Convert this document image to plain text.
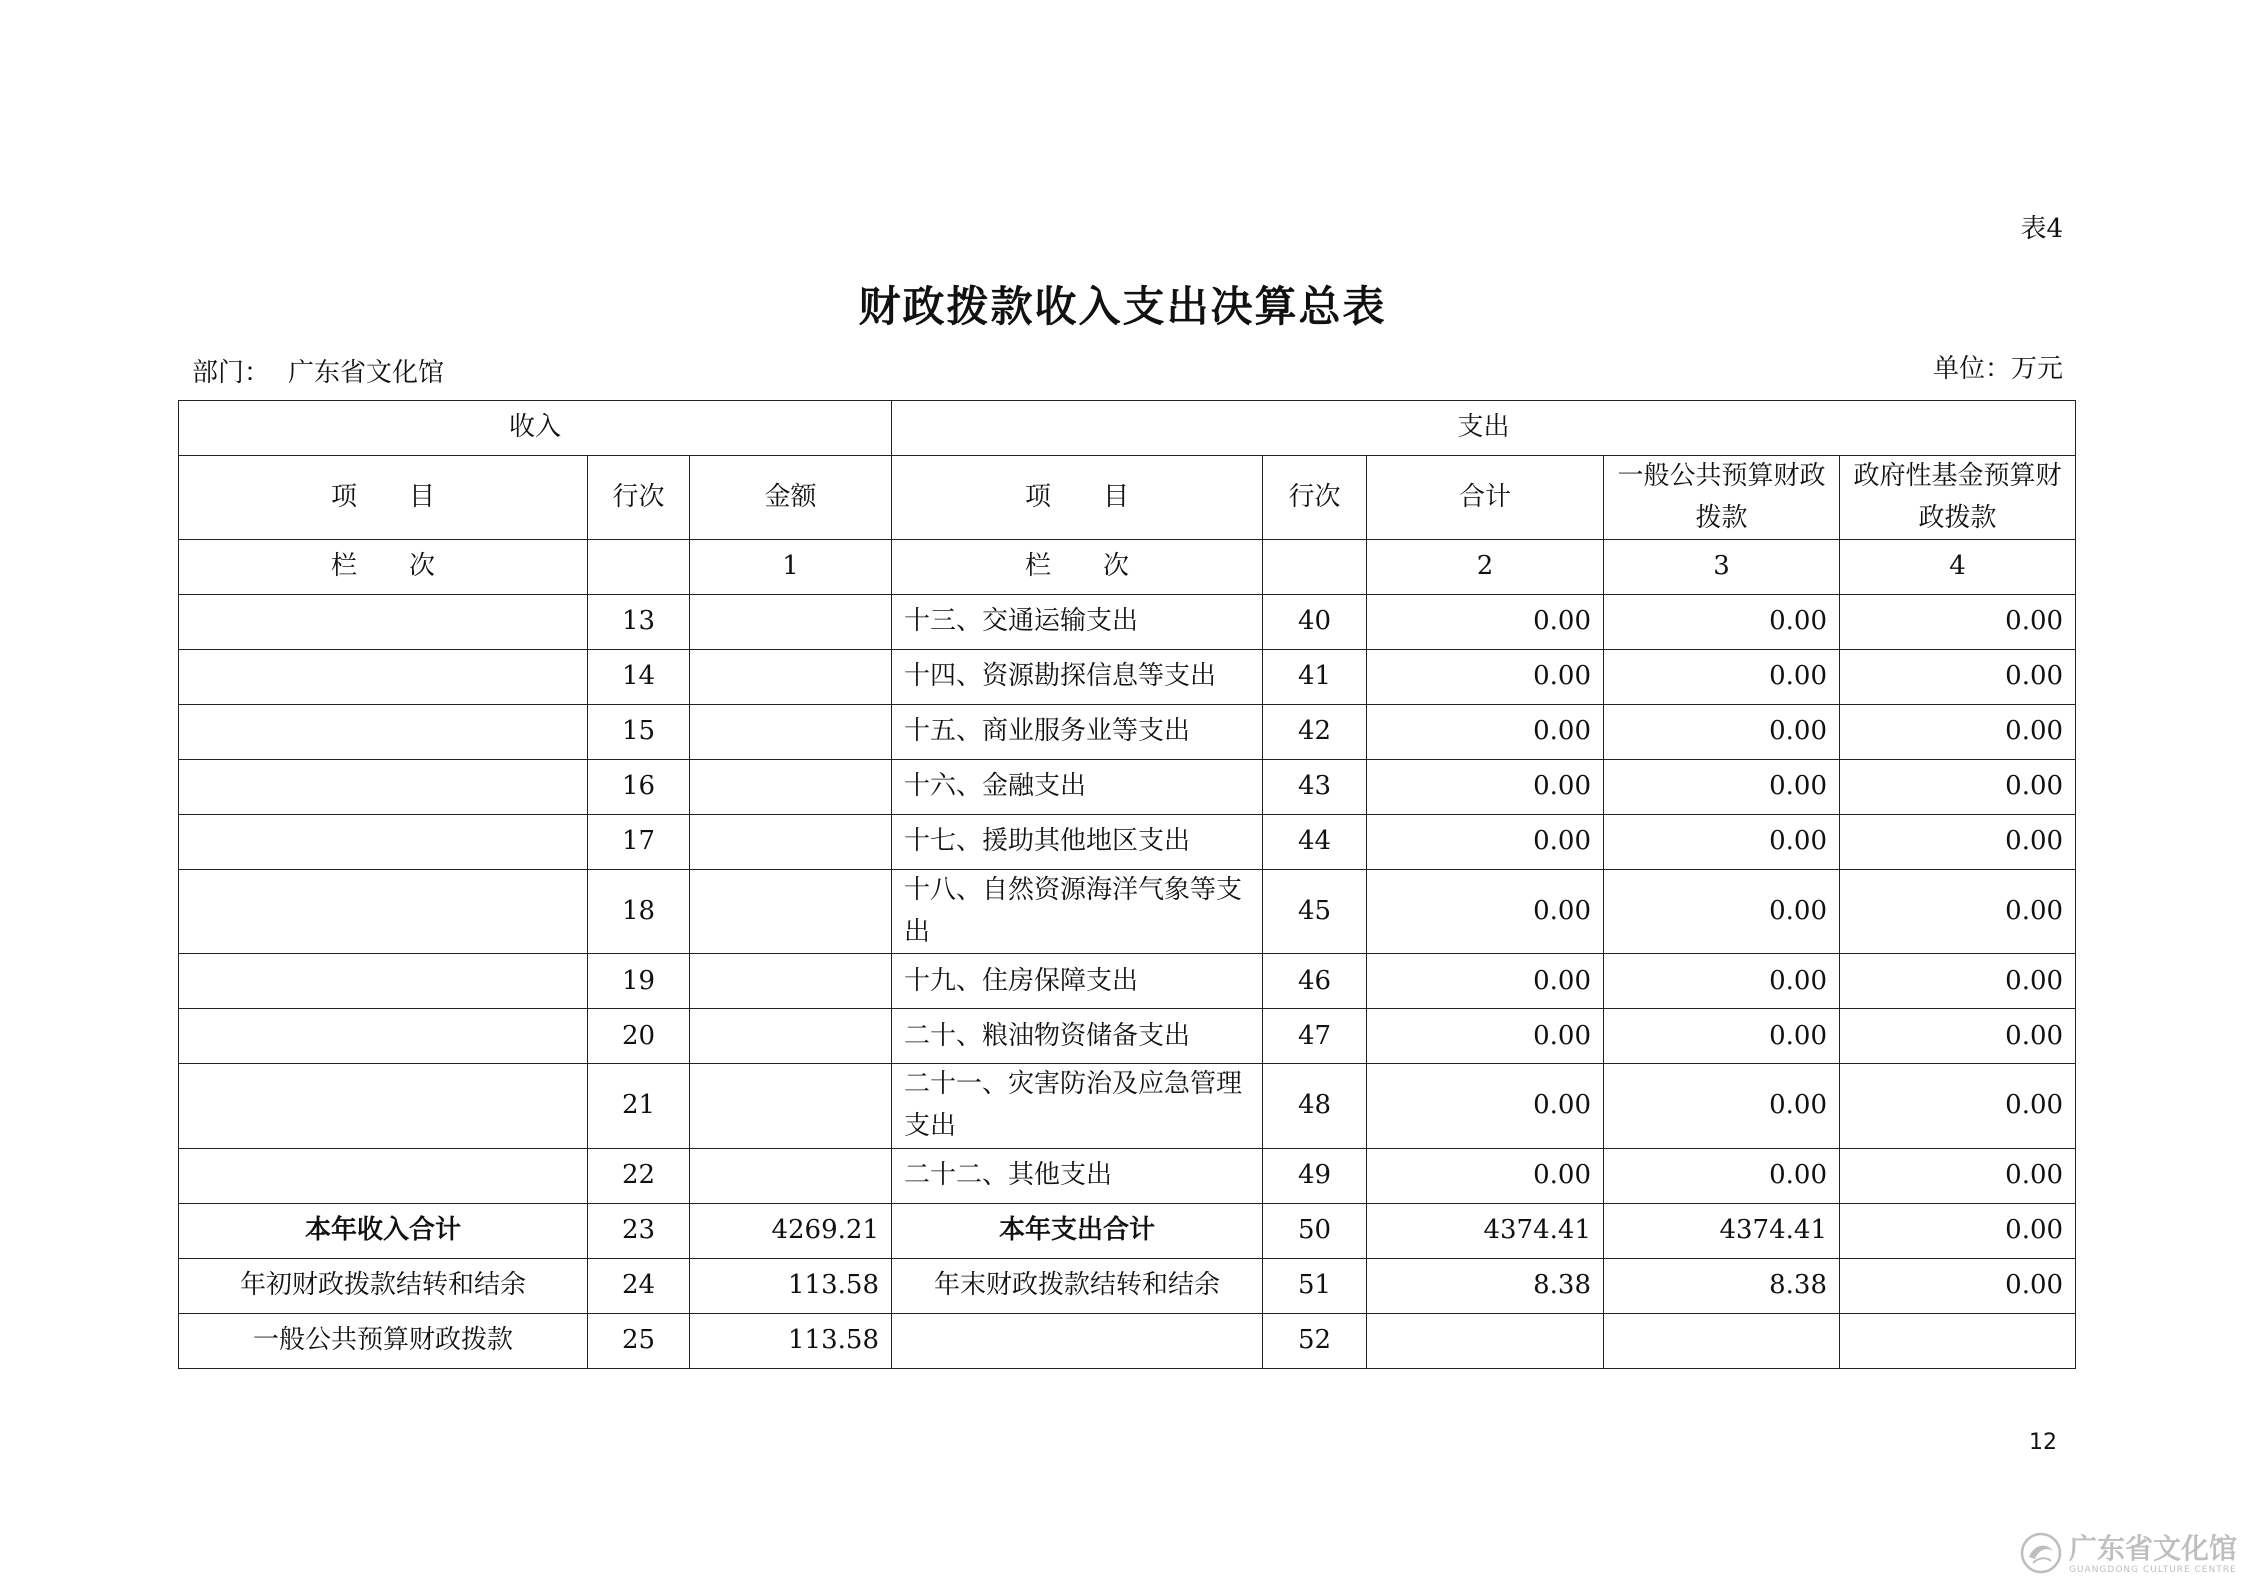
表4
财政拨款收入支出决算总表
部门： 广东省文化馆	单位：万元
收入			支出				
项　　目	行次	金额	项　　目	行次	合计	一般公共预算财政拨款	政府性基金预算财政拨款
栏　　次		1	栏　　次		2	3	4
	13		十三、交通运输支出	40	0.00	0.00	0.00
	14		十四、资源勘探信息等支出	41	0.00	0.00	0.00
	15		十五、商业服务业等支出	42	0.00	0.00	0.00
	16		十六、金融支出	43	0.00	0.00	0.00
	17		十七、援助其他地区支出	44	0.00	0.00	0.00
	18		十八、自然资源海洋气象等支出	45	0.00	0.00	0.00
	19		十九、住房保障支出	46	0.00	0.00	0.00
	20		二十、粮油物资储备支出	47	0.00	0.00	0.00
	21		二十一、灾害防治及应急管理支出	48	0.00	0.00	0.00
	22		二十二、其他支出	49	0.00	0.00	0.00
本年收入合计	23	4269.21	本年支出合计	50	4374.41	4374.41	0.00
年初财政拨款结转和结余	24	113.58	年末财政拨款结转和结余	51	8.38	8.38	0.00
一般公共预算财政拨款	25	113.58		52			
12
广东省文化馆
GUANGDONG CULTURE CENTRE
